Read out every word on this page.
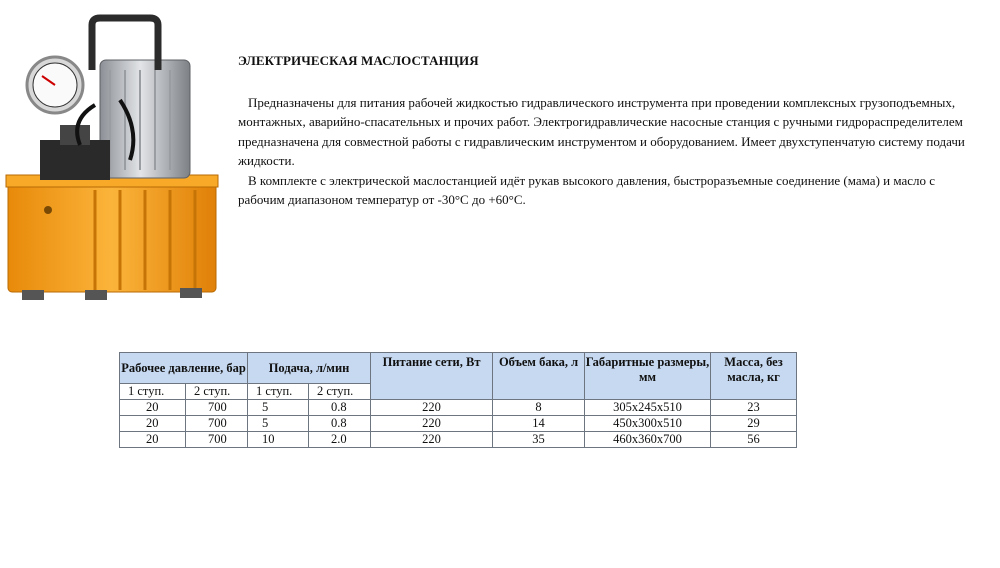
ЭЛЕКТРИЧЕСКАЯ МАСЛОСТАНЦИЯ

Предназначены для питания рабочей жидкостью гидравлического инструмента при проведении комплексных грузоподъемных, монтажных, аварийно-спасательных и прочих работ. Электрогидравлические насосные станция с ручными гидрораспределителем предназначена для совместной работы с гидравлическим инструментом и оборудованием. Имеет двухступенчатую систему подачи жидкости.

В комплекте с электрической маслостанцией идёт рукав высокого давления, быстроразъемные соединение (мама) и масло с рабочим диапазоном температур от -30°С до +60°С.

Рабочее давление, бар		Подача, л/мин		Питание сети, Вт	Объем бака, л	Габаритные размеры, мм	Масса, без масла, кг
1 ступ.	2 ступ.	1 ступ.	2 ступ.				
20	700	5	0.8	220	8	305х245х510	23
20	700	5	0.8	220	14	450х300х510	29
20	700	10	2.0	220	35	460х360х700	56
